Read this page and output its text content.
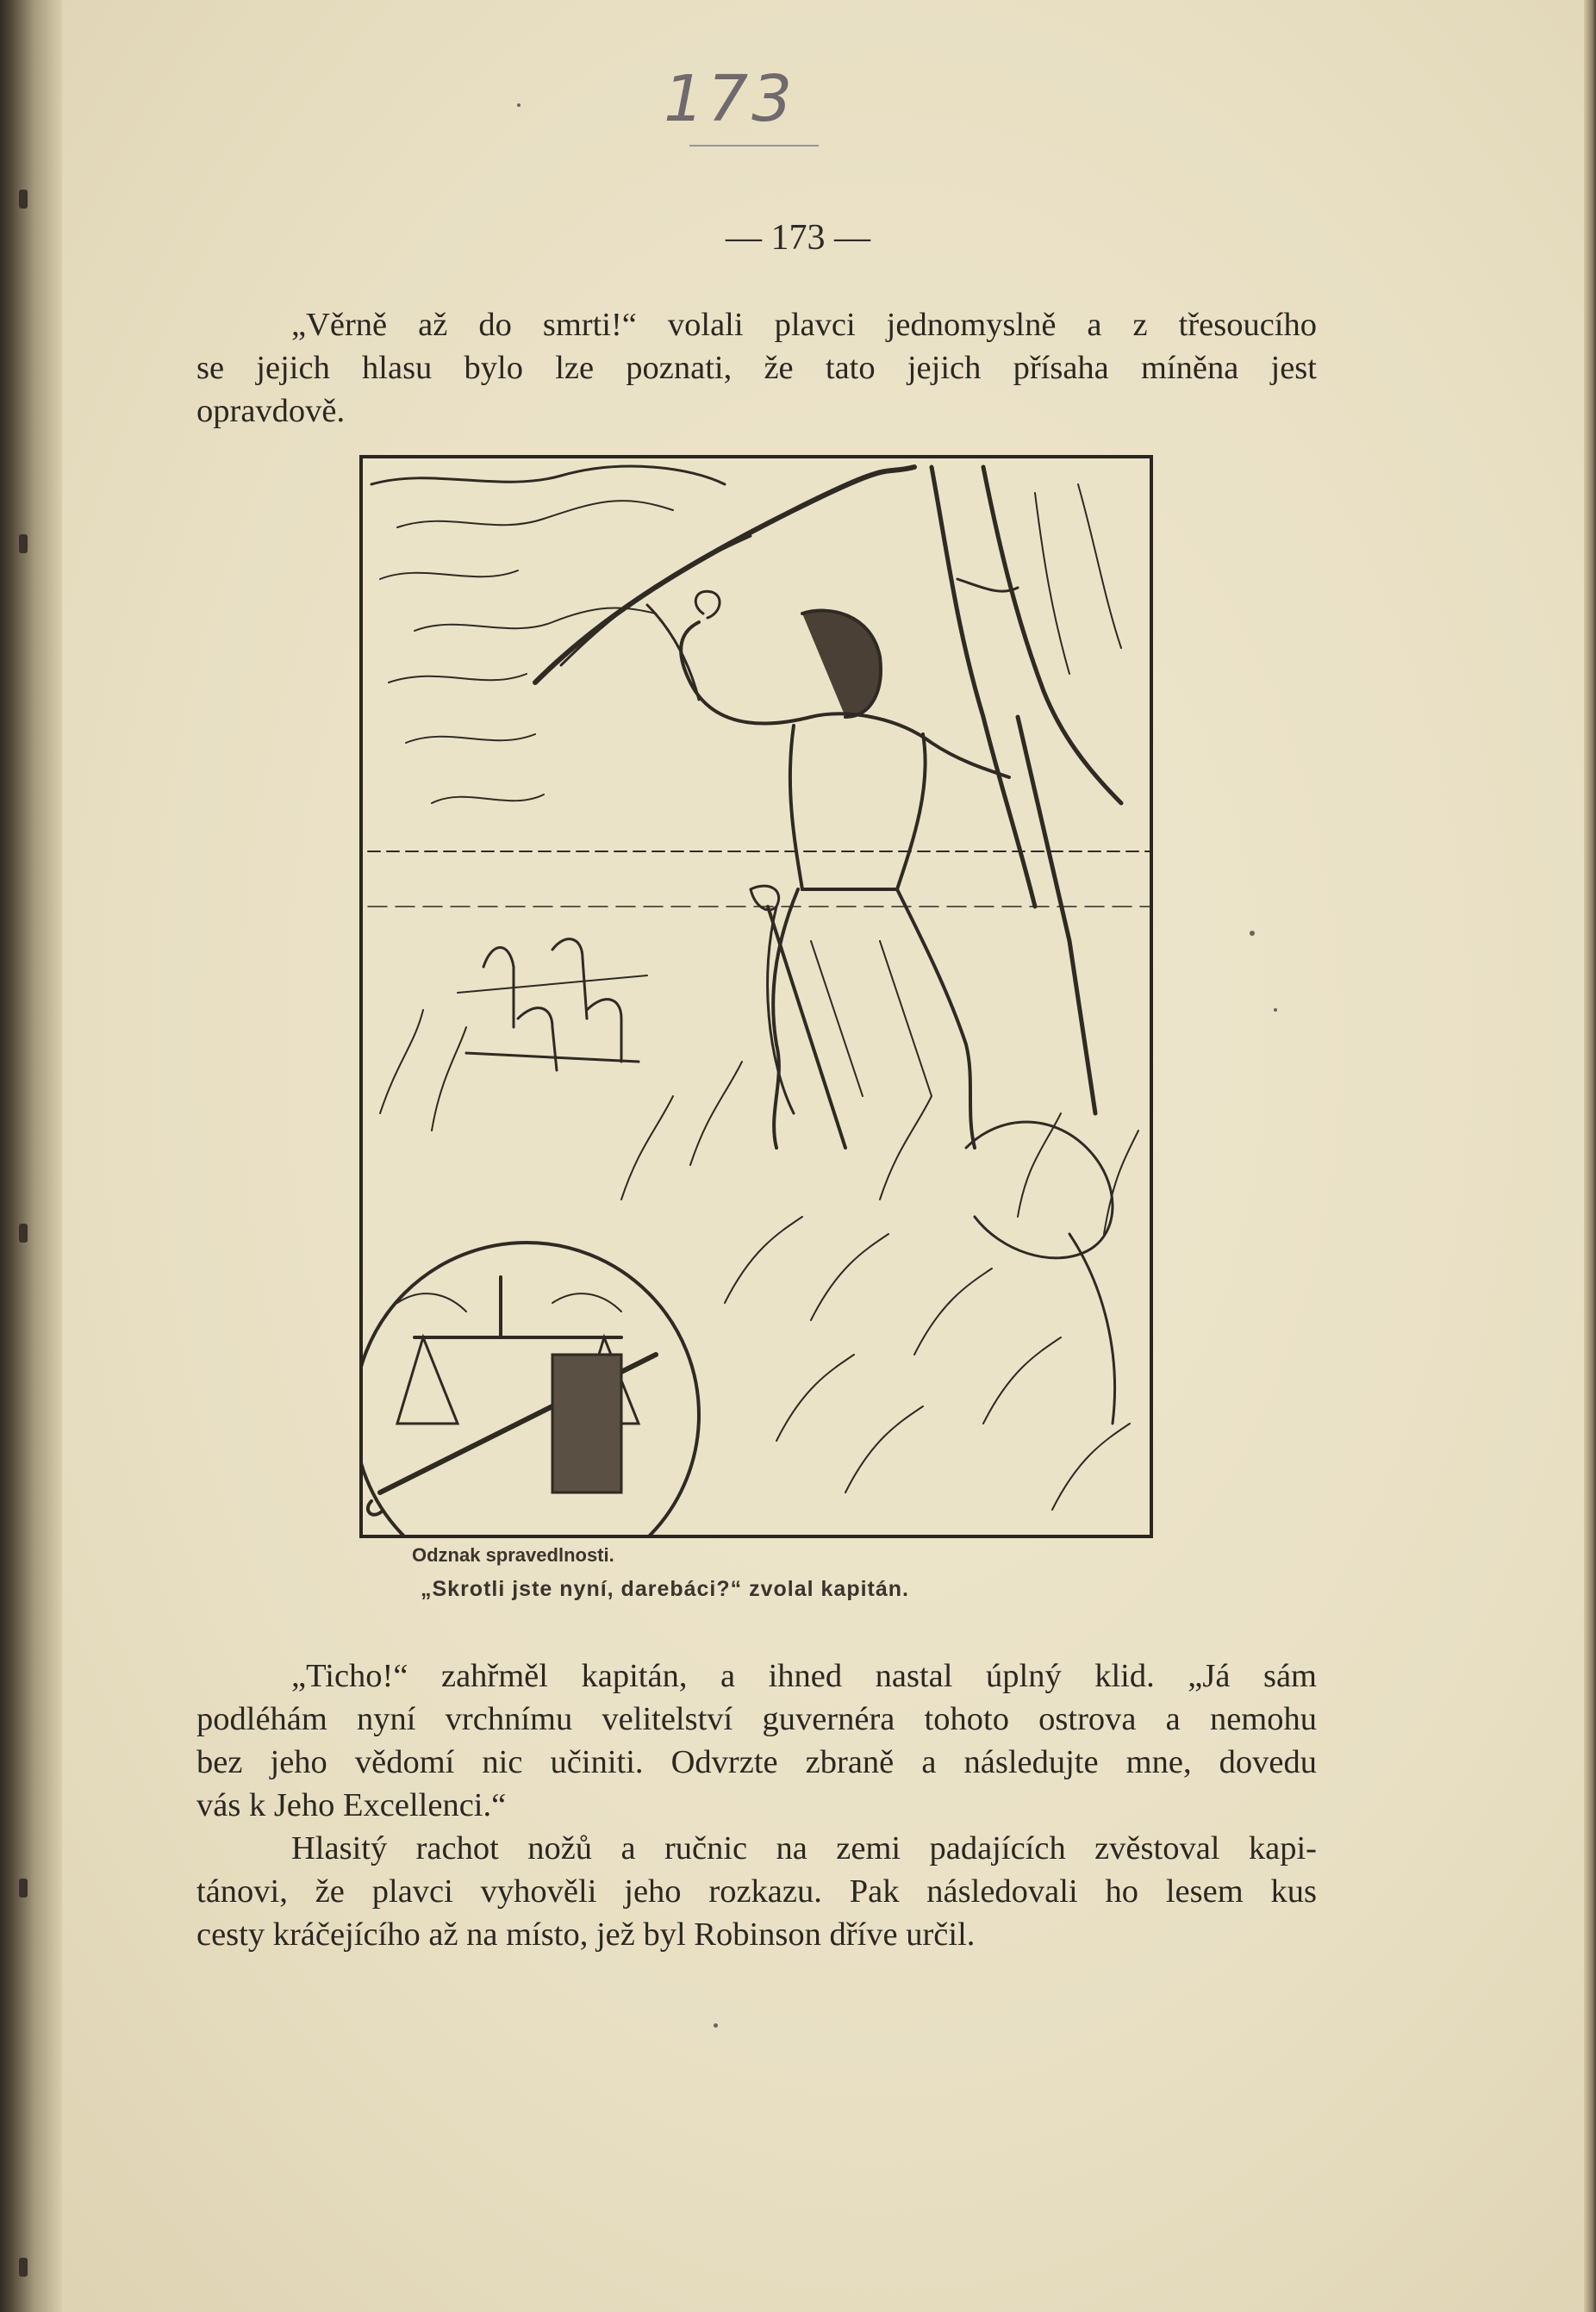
173
— 173 —
„Věrně až do smrti!“ volali plavci jednomyslně a z třesoucího
se jejich hlasu bylo lze poznati, že tato jejich přísaha míněna jest
opravdově.
Odznak spravedlnosti.
„Skrotli jste nyní, darebáci?“ zvolal kapitán.
„Ticho!“ zahřměl kapitán, a ihned nastal úplný klid. „Já sám
podléhám nyní vrchnímu velitelství guvernéra tohoto ostrova a nemohu
bez jeho vědomí nic učiniti. Odvrzte zbraně a následujte mne, dovedu
vás k Jeho Excellenci.“
Hlasitý rachot nožů a ručnic na zemi padajících zvěstoval kapi-
tánovi, že plavci vyhověli jeho rozkazu. Pak následovali ho lesem kus
cesty kráčejícího až na místo, jež byl Robinson dříve určil.
